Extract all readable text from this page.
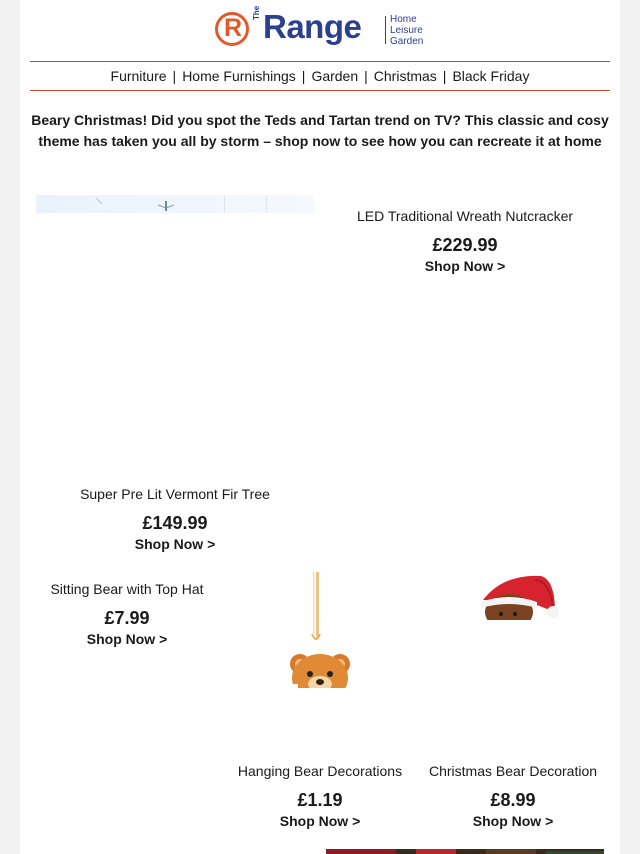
R
The Range	Home
Leisure
Garden
Furniture | Home Furnishings | Garden | Christmas | Black Friday
Beary Christmas! Did you spot the Teds and Tartan trend on TV? This classic and cosy theme has taken you all by storm – shop now to see how you can recreate it at home
LED Traditional Wreath Nutcracker
£229.99
Shop Now >
Super Pre Lit Vermont Fir Tree
£149.99
Shop Now >
Sitting Bear with Top Hat
£7.99
Shop Now >
Hanging Bear Decorations
£1.19
Shop Now >
Christmas Bear Decoration
£8.99
Shop Now >
